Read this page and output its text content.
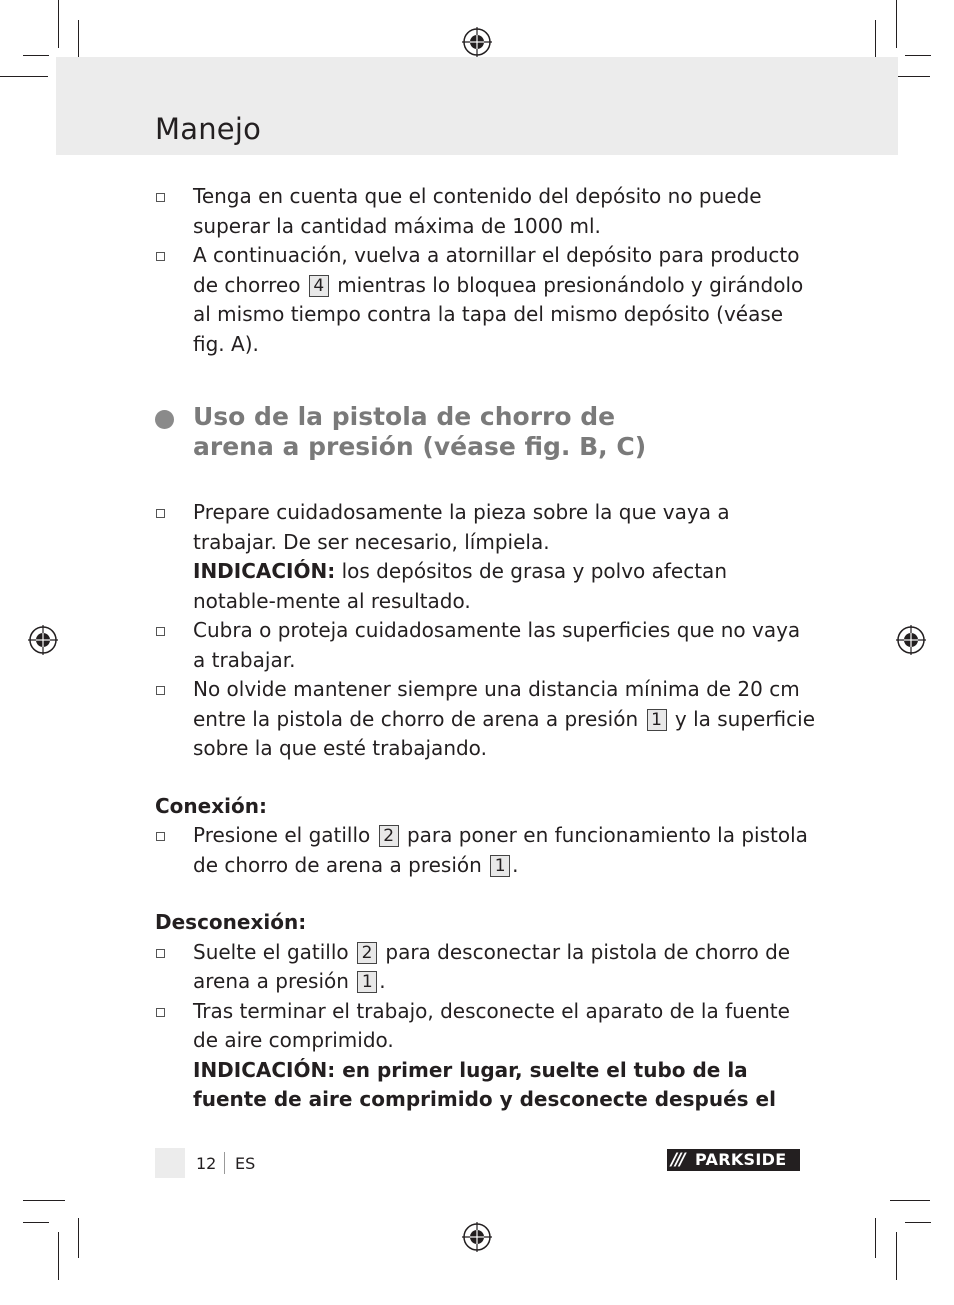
Manejo

Tenga en cuenta que el contenido del depósito no puede superar la cantidad máxima de 1000 ml.

A continuación, vuelva a atornillar el depósito para producto de chorreo 4 mientras lo bloquea presionándolo y girándolo al mismo tiempo contra la tapa del mismo depósito (véase fig. A).

Uso de la pistola de chorro de
arena a presión (véase fig. B, C)

Prepare cuidadosamente la pieza sobre la que vaya a trabajar. De ser necesario, límpiela.

INDICACIÓN: los depósitos de grasa y polvo afectan notable-mente al resultado.

Cubra o proteja cuidadosamente las superficies que no vaya a trabajar.

No olvide mantener siempre una distancia mínima de 20 cm entre la pistola de chorro de arena a presión 1 y la superficie sobre la que esté trabajando.

Conexión:

Presione el gatillo 2 para poner en funcionamiento la pistola de chorro de arena a presión 1 .

Desconexión:

Suelte el gatillo 2 para desconectar la pistola de chorro de arena a presión 1 .

Tras terminar el trabajo, desconecte el aparato de la fuente de aire comprimido.

INDICACIÓN: en primer lugar, suelte el tubo de la fuente de aire comprimido y desconecte después el

12 ES	/// PARKSIDE
